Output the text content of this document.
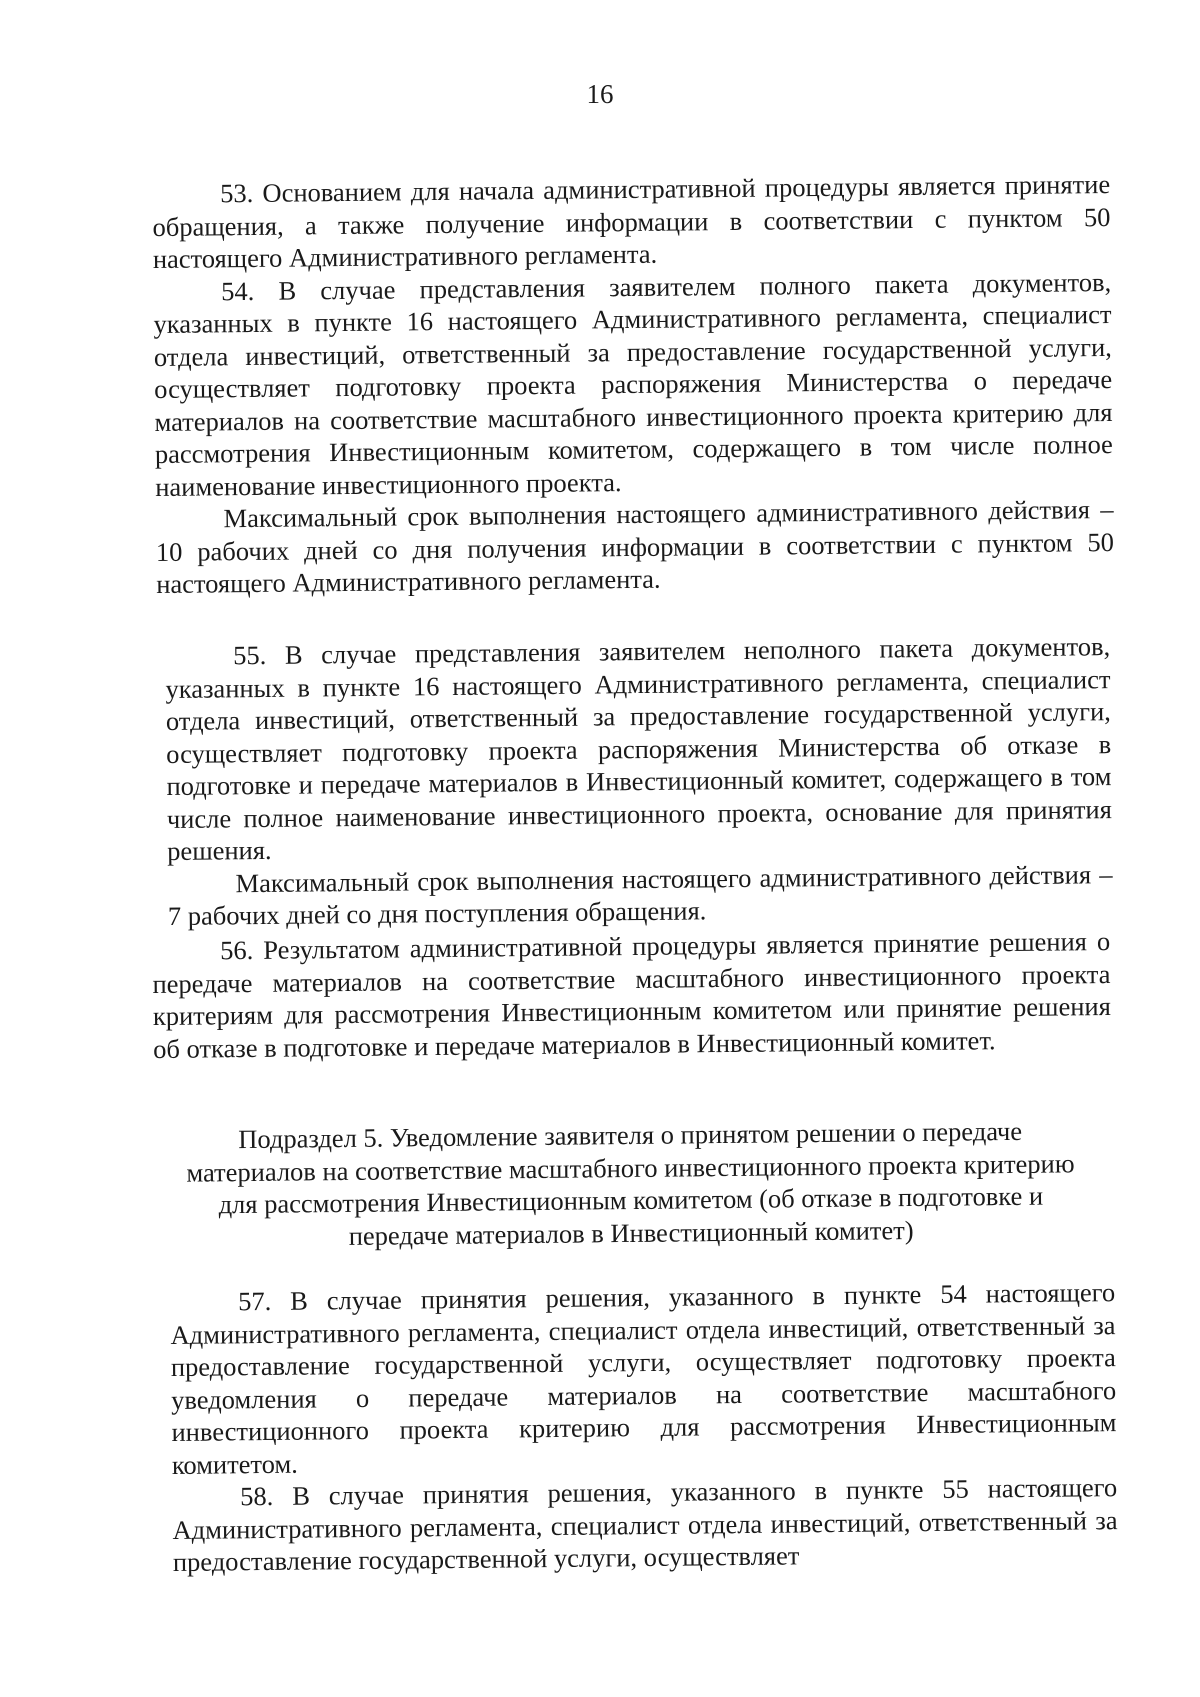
16

53. Основанием для начала административной процедуры является принятие обращения, а также получение информации в соответствии с пунктом 50 настоящего Административного регламента.

54. В случае представления заявителем полного пакета документов, указанных в пункте 16 настоящего Административного регламента, специалист отдела инвестиций, ответственный за предоставление государственной услуги, осуществляет подготовку проекта распоряжения Министерства о передаче материалов на соответствие масштабного инвестиционного проекта критерию для рассмотрения Инвестиционным комитетом, содержащего в том числе полное наименование инвестиционного проекта.

Максимальный срок выполнения настоящего административного действия – 10 рабочих дней со дня получения информации в соответствии с пунктом 50 настоящего Административного регламента.

55. В случае представления заявителем неполного пакета документов, указанных в пункте 16 настоящего Административного регламента, специалист отдела инвестиций, ответственный за предоставление государственной услуги, осуществляет подготовку проекта распоряжения Министерства об отказе в подготовке и передаче материалов в Инвестиционный комитет, содержащего в том числе полное наименование инвестиционного проекта, основание для принятия решения.

Максимальный срок выполнения настоящего административного действия – 7 рабочих дней со дня поступления обращения.

56. Результатом административной процедуры является принятие решения о передаче материалов на соответствие масштабного инвестиционного проекта критериям для рассмотрения Инвестиционным комитетом или принятие решения об отказе в подготовке и передаче материалов в Инвестиционный комитет.

Подраздел 5. Уведомление заявителя о принятом решении о передаче
материалов на соответствие масштабного инвестиционного проекта критерию
для рассмотрения Инвестиционным комитетом (об отказе в подготовке и
передаче материалов в Инвестиционный комитет)

57. В случае принятия решения, указанного в пункте 54 настоящего Административного регламента, специалист отдела инвестиций, ответственный за предоставление государственной услуги, осуществляет подготовку проекта уведомления о передаче материалов на соответствие масштабного инвестиционного проекта критерию для рассмотрения Инвестиционным комитетом.

58. В случае принятия решения, указанного в пункте 55 настоящего Административного регламента, специалист отдела инвестиций, ответственный за предоставление государственной услуги, осуществляет
